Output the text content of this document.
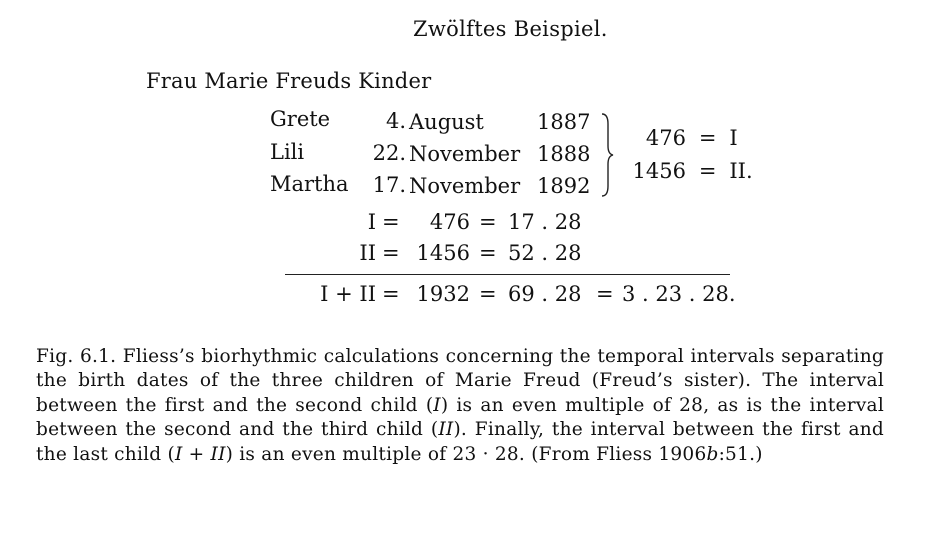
Zwölftes Beispiel.
Frau Marie Freuds Kinder
Grete	4. August	1887
Lili	22. November 1888
Martha	17. November 1892
476 = I
1456 = II.
I =	476 = 17 . 28
II = 1456 = 52 . 28
I + II = 1932 = 69 . 28 = 3 . 23 . 28.
Fig. 6.1. Fliess’s biorhythmic calculations concerning the temporal intervals separating the birth dates of the three children of Marie Freud (Freud’s sister). The interval between the first and the second child (I) is an even multiple of 28, as is the interval between the second and the third child (II). Finally, the interval between the first and the last child (I + II) is an even multiple of 23 · 28. (From Fliess 1906b:51.)
